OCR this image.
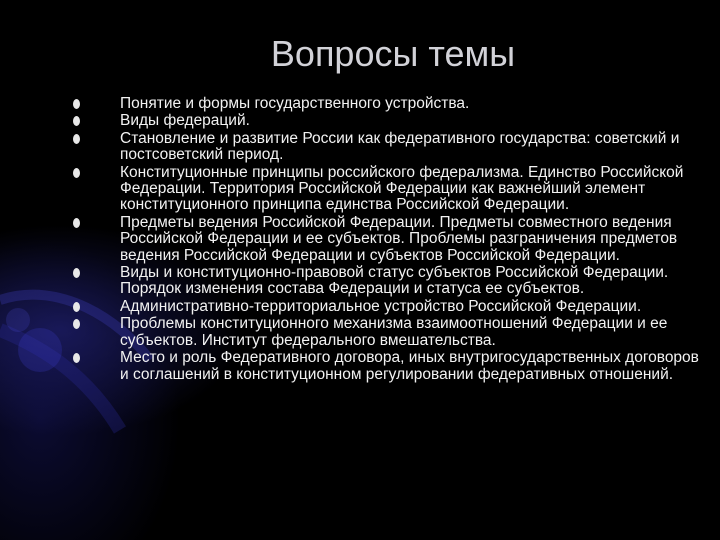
Вопросы темы
Понятие и формы государственного устройства.
Виды федераций.
Становление и развитие России как федеративного государства: советский и постсоветский период.
Конституционные принципы российского федерализма. Единство Российской Федерации. Территория Российской Федерации как важнейший элемент конституционного принципа единства Российской Федерации.
Предметы ведения Российской Федерации. Предметы совместного ведения Российской Федерации и ее субъектов. Проблемы разграничения предметов ведения Российской Федерации и субъектов Российской Федерации.
Виды и конституционно-правовой статус субъектов Российской Федерации. Порядок изменения состава Федерации и статуса ее субъектов.
Административно-территориальное устройство Российской Федерации.
Проблемы конституционного механизма взаимоотношений Федерации и ее субъектов. Институт федерального вмешательства.
Место и роль Федеративного договора, иных внутригосударственных договоров и соглашений в конституционном регулировании федеративных отношений.
